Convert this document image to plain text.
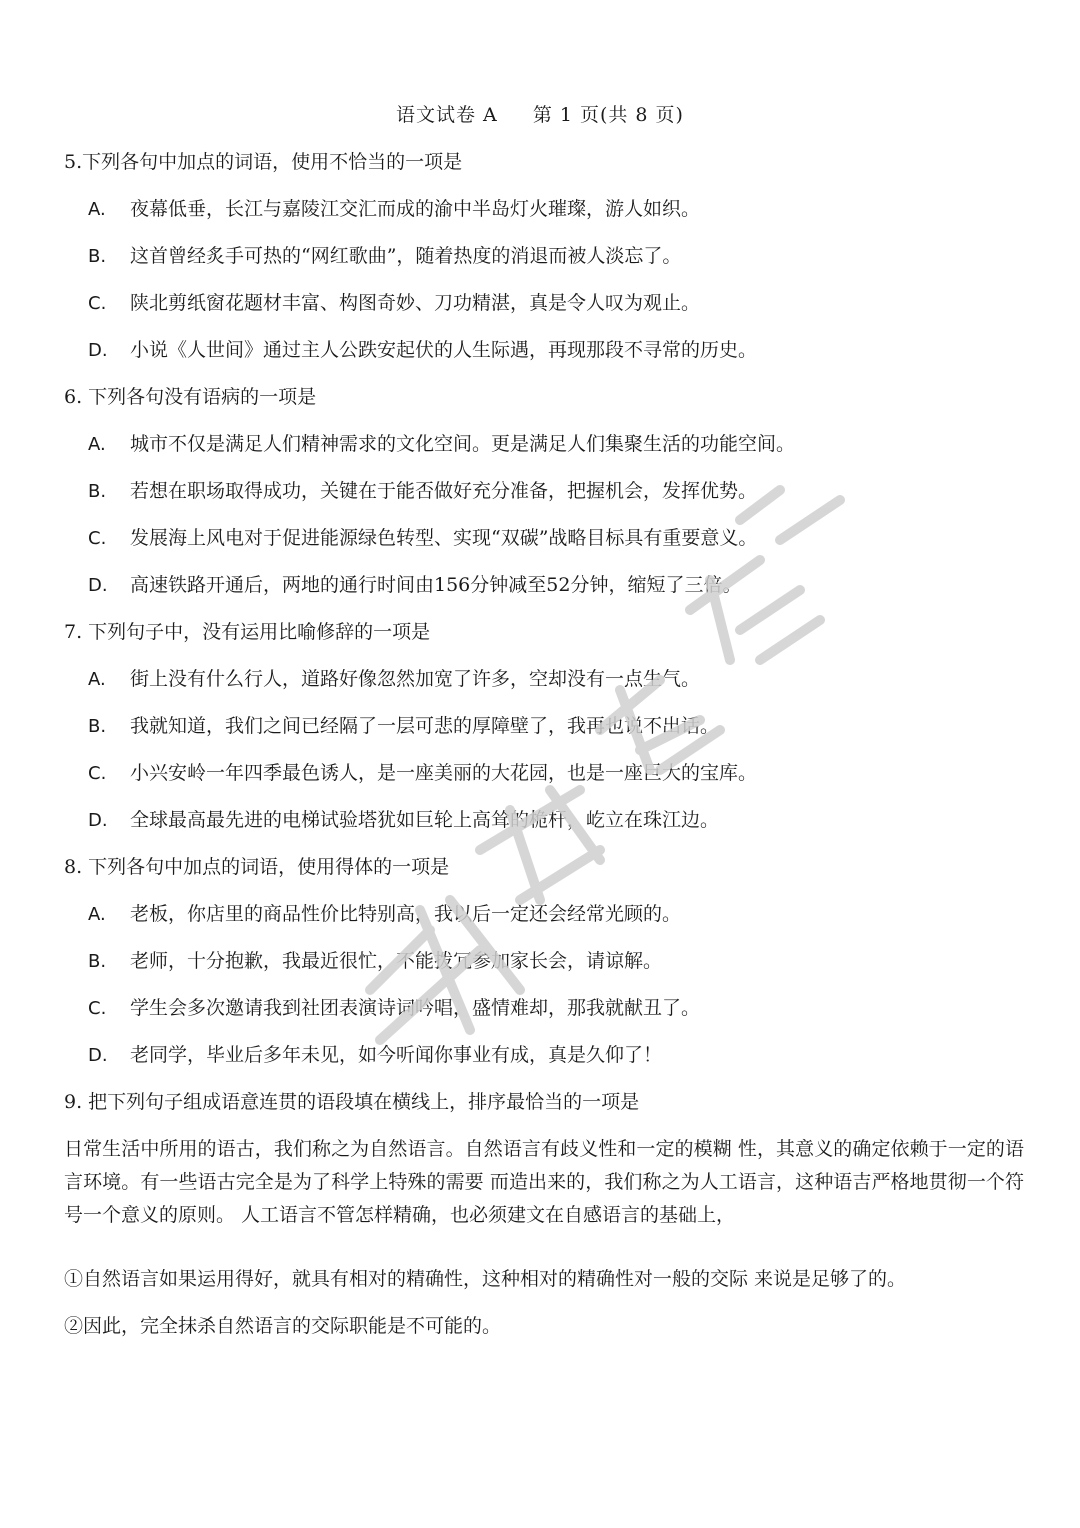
语文试卷 A 第 1 页(共 8 页)
5.下列各句中加点的词语，使用不恰当的一项是
A. 夜幕低垂，长江与嘉陵江交汇而成的渝中半岛灯火璀璨，游人如织。
B. 这首曾经炙手可热的“网红歌曲”，随着热度的消退而被人淡忘了。
C. 陕北剪纸窗花题材丰富、构图奇妙、刀功精湛，真是令人叹为观止。
D. 小说《人世间》通过主人公跌安起伏的人生际遇，再现那段不寻常的历史。
6. 下列各句没有语病的一项是
A. 城市不仅是满足人们精神需求的文化空间。更是满足人们集聚生活的功能空间。
B. 若想在职场取得成功，关键在于能否做好充分准备，把握机会，发挥优势。
C. 发展海上风电对于促进能源绿色转型、实现“双碳”战略目标具有重要意义。
D. 高速铁路开通后，两地的通行时间由156分钟减至52分钟，缩短了三倍。
7. 下列句子中，没有运用比喻修辞的一项是
A. 街上没有什么行人，道路好像忽然加宽了许多，空却没有一点生气。
B. 我就知道，我们之间已经隔了一层可悲的厚障壁了，我再也说不出话。
C. 小兴安岭一年四季最色诱人，是一座美丽的大花园，也是一座巨大的宝库。
D. 全球最高最先进的电梯试验塔犹如巨轮上高耸的桅杆，屹立在珠江边。
8. 下列各句中加点的词语，使用得体的一项是
A. 老板，你店里的商品性价比特别高，我以后一定还会经常光顾的。
B. 老师，十分抱歉，我最近很忙，不能拨冗参加家长会，请谅解。
C. 学生会多次邀请我到社团表演诗词吟唱，盛情难却，那我就献丑了。
D. 老同学，毕业后多年未见，如今听闻你事业有成，真是久仰了！
9. 把下列句子组成语意连贯的语段填在横线上，排序最恰当的一项是
日常生活中所用的语古，我们称之为自然语言。自然语言有歧义性和一定的模糊 性，其意义的确定依赖于一定的语言环境。有一些语古完全是为了科学上特殊的需要 而造出来的，我们称之为人工语言，这种语吉严格地贯彻一个符号一个意义的原则。 人工语言不管怎样精确，也必须建文在自感语言的基础上，
①自然语言如果运用得好，就具有相对的精确性，这种相对的精确性对一般的交际 来说是足够了的。
②因此，完全抹杀自然语言的交际职能是不可能的。
